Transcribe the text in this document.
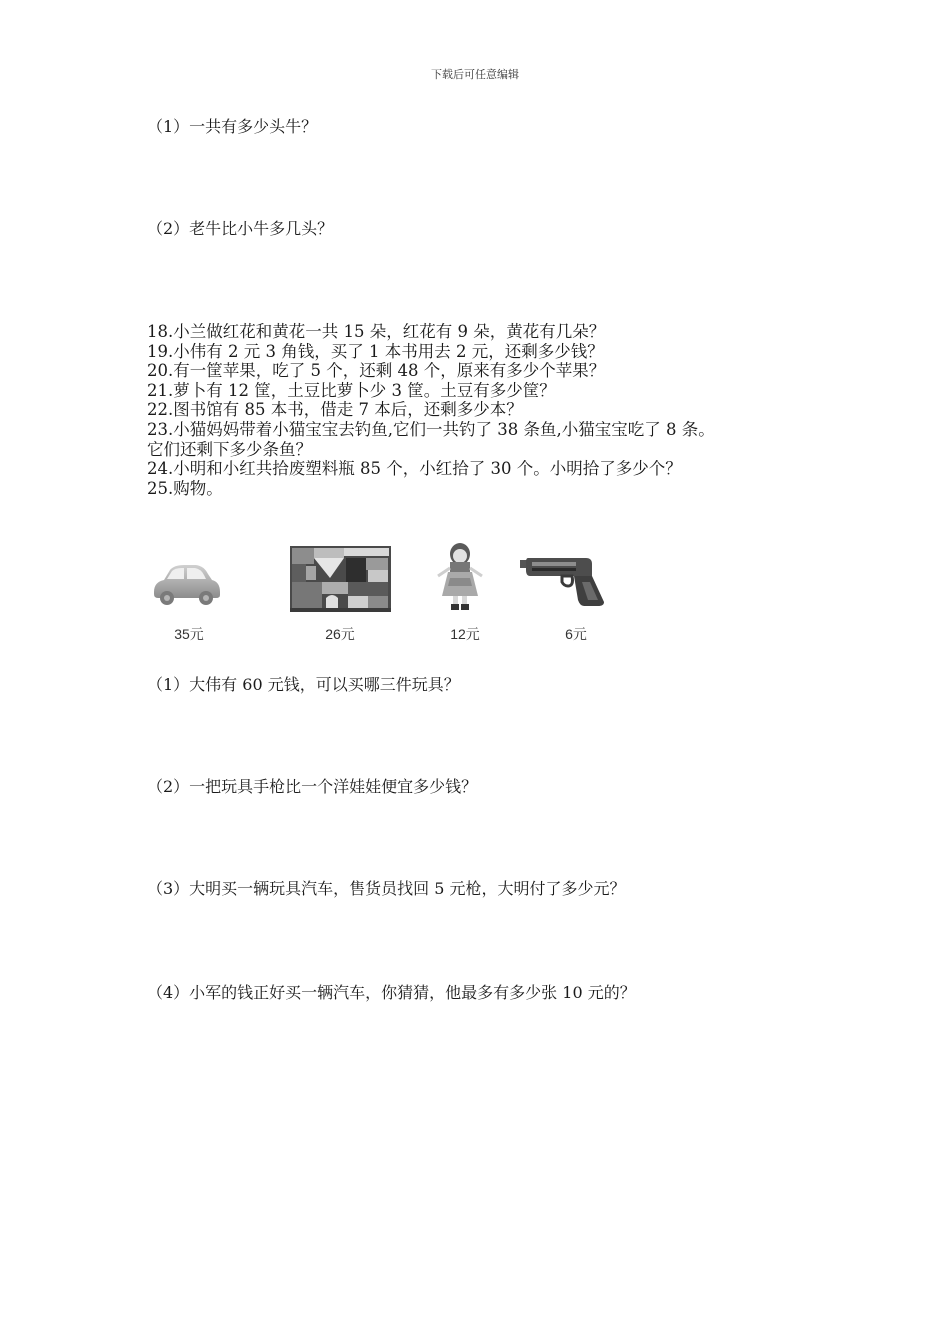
下载后可任意编辑
（1）一共有多少头牛？
（2）老牛比小牛多几头？
18.小兰做红花和黄花一共 15 朵，红花有 9 朵，黄花有几朵？
19.小伟有 2 元 3 角钱，买了 1 本书用去 2 元，还剩多少钱？
20.有一筐苹果，吃了 5 个，还剩 48 个，原来有多少个苹果？
21.萝卜有 12 筐，土豆比萝卜少 3 筐。土豆有多少筐？
22.图书馆有 85 本书，借走 7 本后，还剩多少本？
23.小猫妈妈带着小猫宝宝去钓鱼,它们一共钓了 38 条鱼,小猫宝宝吃了 8 条。
它们还剩下多少条鱼？
24.小明和小红共拾废塑料瓶 85 个，小红拾了 30 个。小明拾了多少个？
25.购物。
35元	26元	12元	6元
（1）大伟有 60 元钱，可以买哪三件玩具？
（2）一把玩具手枪比一个洋娃娃便宜多少钱？
（3）大明买一辆玩具汽车，售货员找回 5 元枪，大明付了多少元？
（4）小军的钱正好买一辆汽车，你猜猜，他最多有多少张 10 元的？
